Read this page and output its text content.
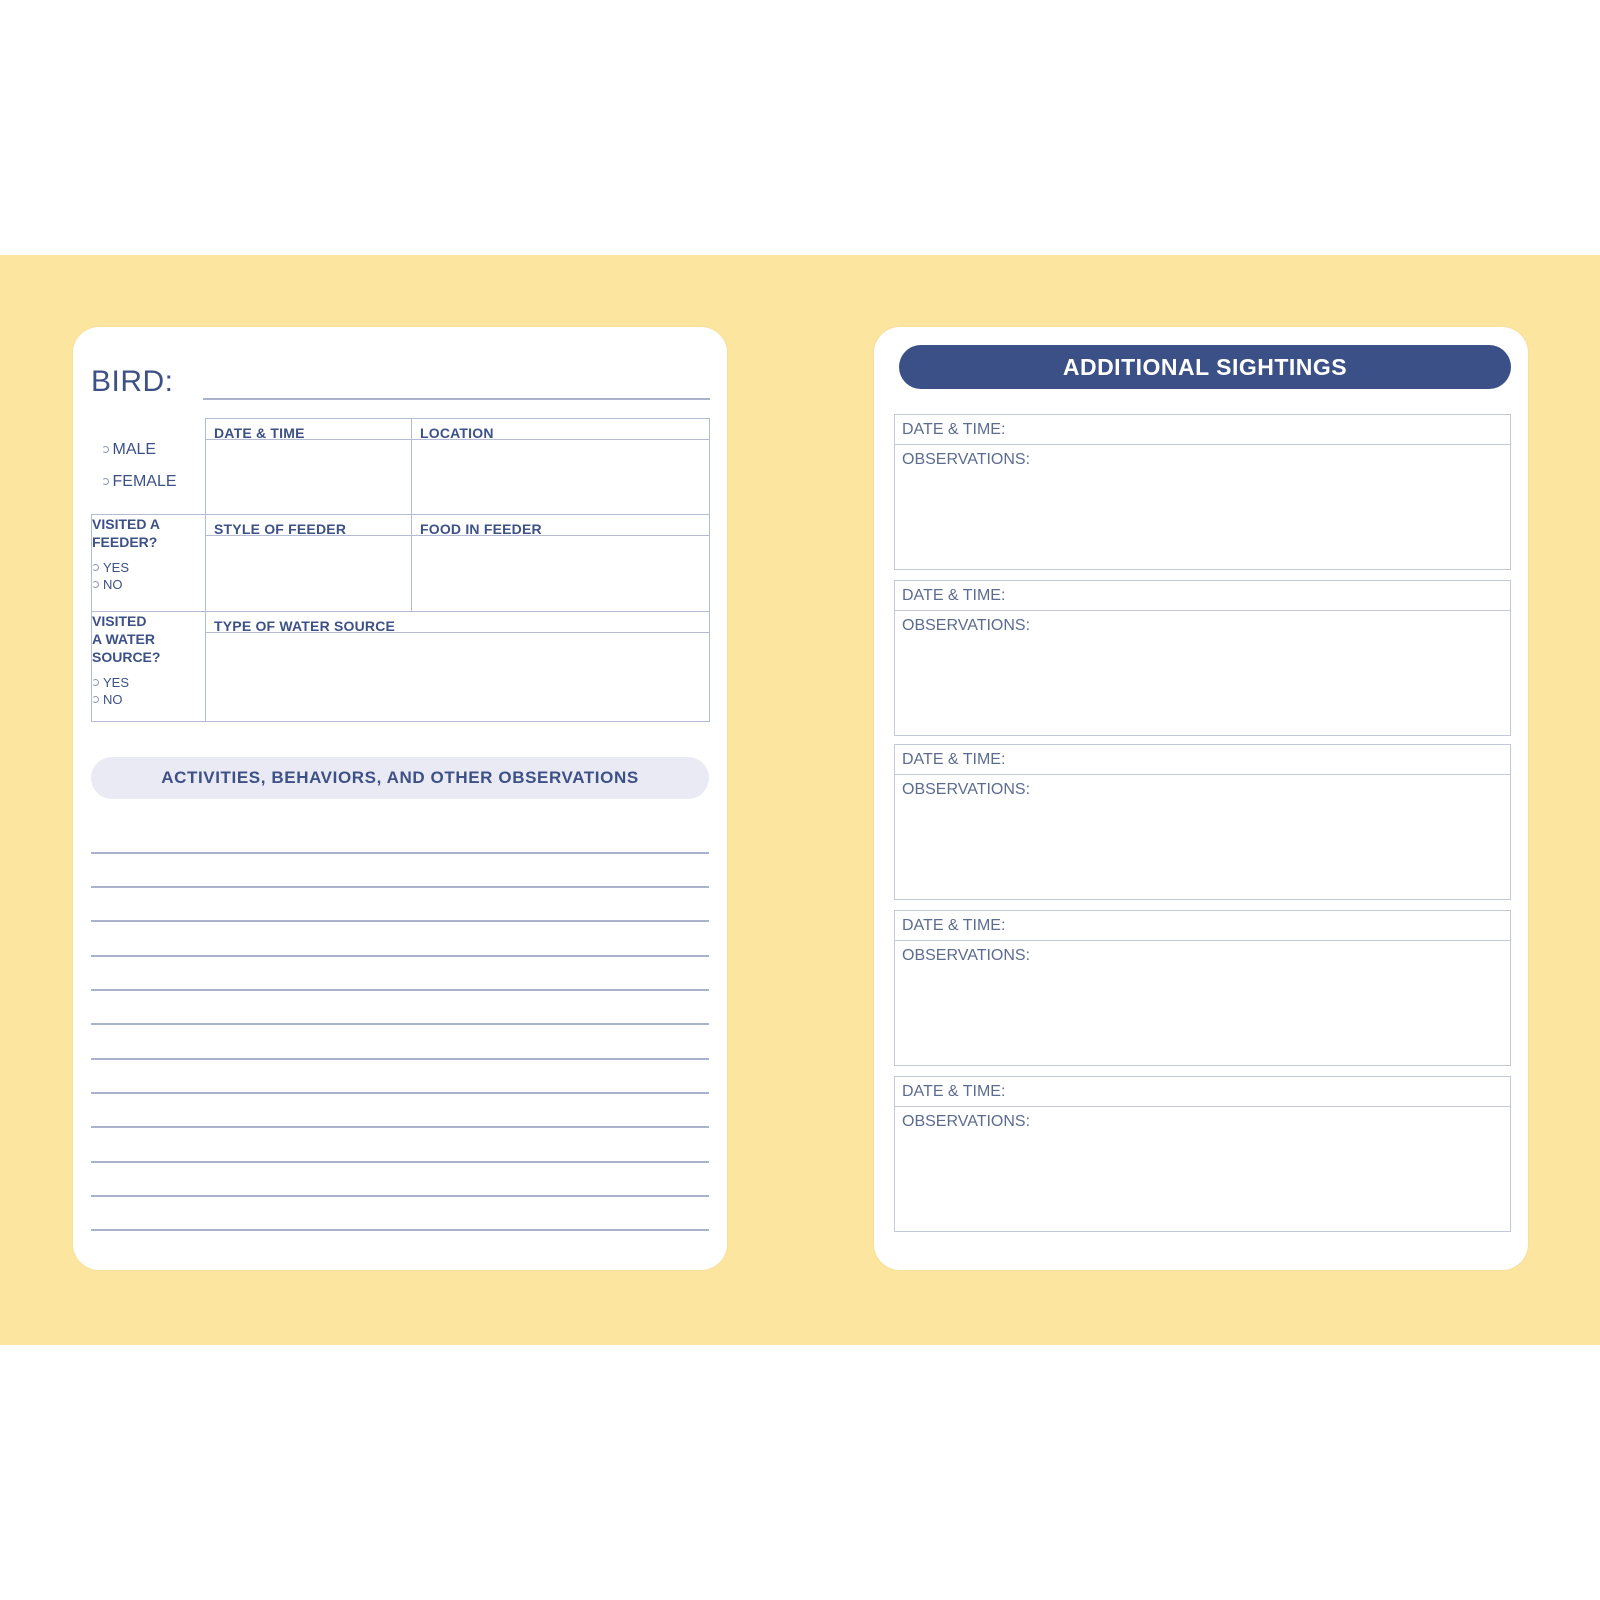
BIRD:
MALE
FEMALE	DATE & TIME	LOCATION

VISITED A
FEEDER?
YES
NO	STYLE OF FEEDER	FOOD IN FEEDER

VISITED
A WATER
SOURCE?
YES
NO	TYPE OF WATER SOURCE	
ACTIVITIES, BEHAVIORS, AND OTHER OBSERVATIONS
ADDITIONAL SIGHTINGS
DATE & TIME:
OBSERVATIONS:
DATE & TIME:
OBSERVATIONS:
DATE & TIME:
OBSERVATIONS:
DATE & TIME:
OBSERVATIONS:
DATE & TIME:
OBSERVATIONS:
